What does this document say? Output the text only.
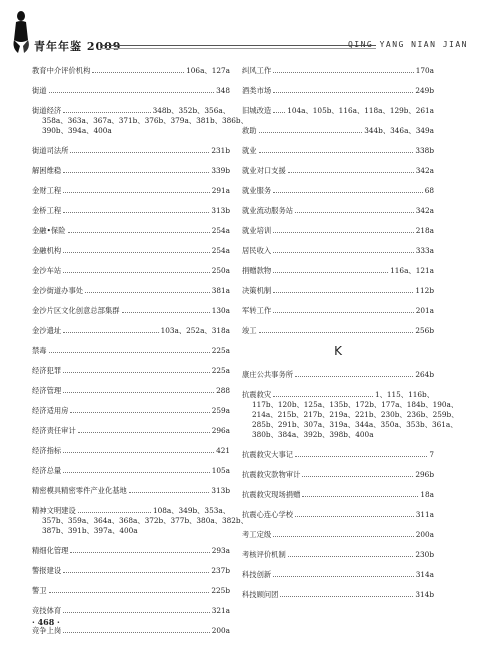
青年年鉴 2009	QING YANG NIAN JIAN
教育中介评价机构	106a、127a
街道	348
街道经济	348b、352b、356a、
358a、363a、367a、371b、376b、379a、381b、386b、
390b、394a、400a
街道司法所	231b
解困维稳	339b
金财工程	291a
金桥工程	313b
金融•保险	254a
金融机构	254a
金沙车站	250a
金沙街道办事处	381a
金沙片区文化创意总部集群	130a
金沙遗址	103a、252a、318a
禁毒	225a
经济犯罪	225a
经济管理	288
经济适用房	259a
经济责任审计	296a
经济指标	421
经济总量	105a
精密模具精密零件产业化基地	313b
精神文明建设	108a、349b、353a、
357b、359a、364a、368a、372b、377b、380a、382b、
387b、391b、397a、400a
精细化管理	293a
警报建设	237b
警卫	225b
竞技体育	321a
竞争上岗	200a
纠风工作	170a
酒类市场	249b
旧城改造 104a、105b、116a、118a、129b、261a
救助	344b、346a、349a
就业	338b
就业对口支援	342a
就业服务	68
就业流动服务站	342a
就业培训	218a
居民收入	333a
捐赠款物	116a、121a
决策机制	112b
军转工作	201a
竣工	256b
K
康庄公共事务所	264b
抗震救灾	1、115、116b、
117b、120b、125a、135b、172b、177a、184b、190a、
214a、215b、217b、219a、221b、230b、236b、259b、
285b、291b、307a、319a、344a、350a、353b、361a、
380b、384a、392b、398b、400a
抗震救灾大事记	7
抗震救灾款物审计	296b
抗震救灾现场捐赠	18a
抗震心连心学校	311a
考工定级	200a
考核评价机制	230b
科技创新	314a
科技顾问团	314b
· 468 ·
